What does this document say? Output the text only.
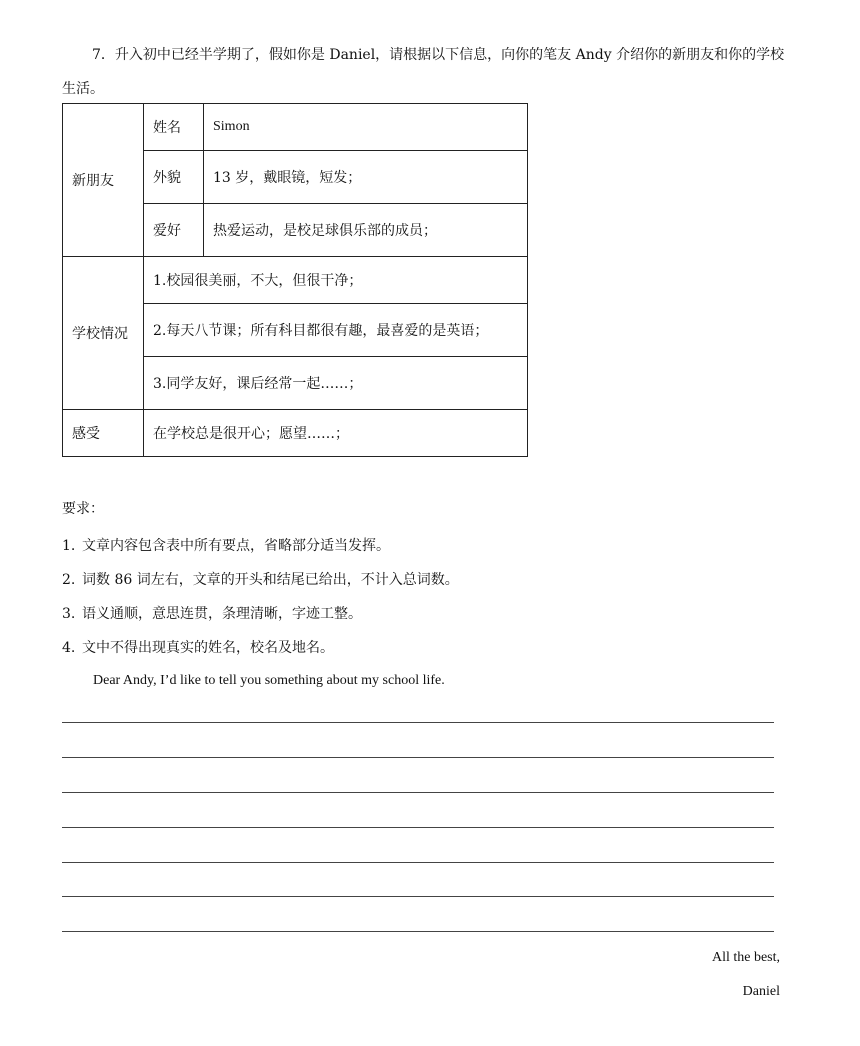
7．升入初中已经半学期了，假如你是 Daniel，请根据以下信息，向你的笔友 Andy 介绍你的新朋友和你的学校生活。
新朋友	姓名	Simon
	外貌	13 岁，戴眼镜，短发；
	爱好	热爱运动，是校足球俱乐部的成员；
学校情况	1.校园很美丽，不大，但很干净；	
	2.每天八节课；所有科目都很有趣，最喜爱的是英语；	
	3.同学友好，课后经常一起……；	
感受	在学校总是很开心；愿望……；	
要求：
1. 文章内容包含表中所有要点，省略部分适当发挥。
2. 词数 86 词左右，文章的开头和结尾已给出，不计入总词数。
3. 语义通顺，意思连贯，条理清晰，字迹工整。
4. 文中不得出现真实的姓名，校名及地名。
Dear Andy, I’d like to tell you something about my school life.
All the best,
Daniel
